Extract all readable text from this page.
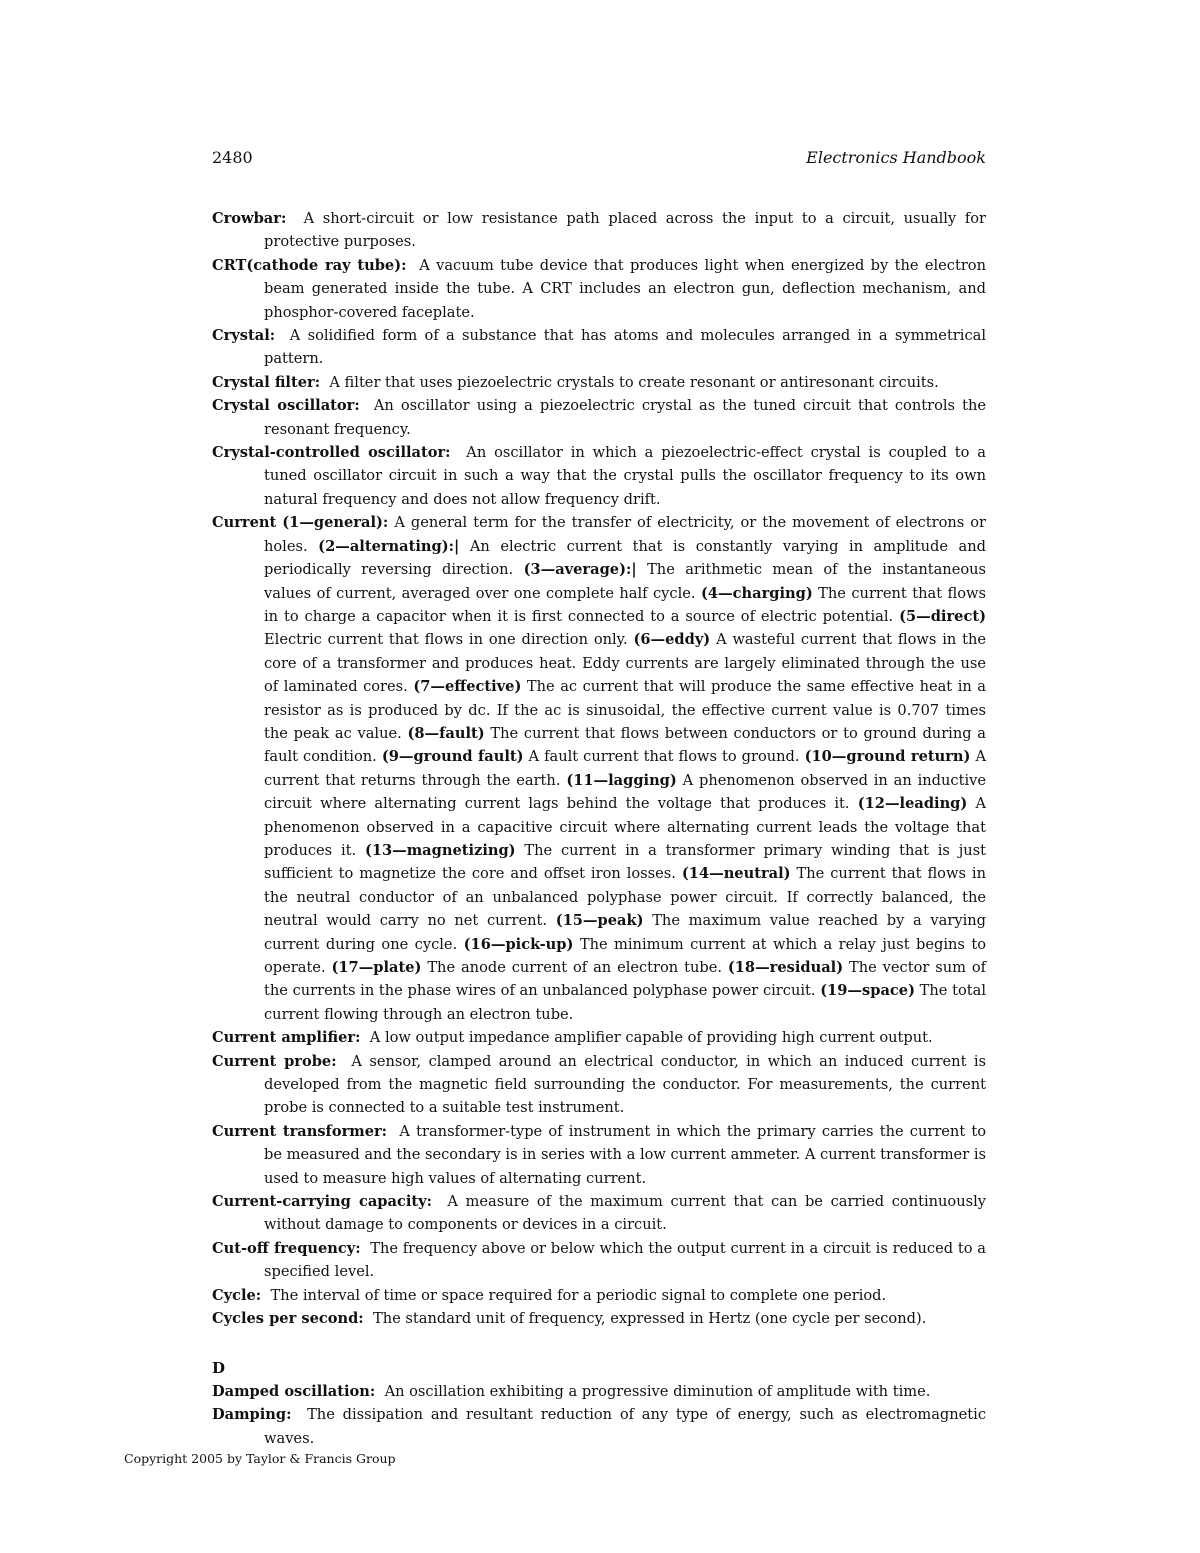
2480	Electronics Handbook

Crowbar: A short-circuit or low resistance path placed across the input to a circuit, usually for protective purposes.

CRT(cathode ray tube): A vacuum tube device that produces light when energized by the electron beam generated inside the tube. A CRT includes an electron gun, deflection mechanism, and phosphor-covered faceplate.

Crystal: A solidified form of a substance that has atoms and molecules arranged in a symmetrical pattern.

Crystal filter: A filter that uses piezoelectric crystals to create resonant or antiresonant circuits.

Crystal oscillator: An oscillator using a piezoelectric crystal as the tuned circuit that controls the resonant frequency.

Crystal-controlled oscillator: An oscillator in which a piezoelectric-effect crystal is coupled to a tuned oscillator circuit in such a way that the crystal pulls the oscillator frequency to its own natural frequency and does not allow frequency drift.

Current (1—general): A general term for the transfer of electricity, or the movement of electrons or holes. (2—alternating):| An electric current that is constantly varying in amplitude and periodically reversing direction. (3—average):| The arithmetic mean of the instantaneous values of current, averaged over one complete half cycle. (4—charging) The current that flows in to charge a capacitor when it is first connected to a source of electric potential. (5—direct) Electric current that flows in one direction only. (6—eddy) A wasteful current that flows in the core of a transformer and produces heat. Eddy currents are largely eliminated through the use of laminated cores. (7—effective) The ac current that will produce the same effective heat in a resistor as is produced by dc. If the ac is sinusoidal, the effective current value is 0.707 times the peak ac value. (8—fault) The current that flows between conductors or to ground during a fault condition. (9—ground fault) A fault current that flows to ground. (10—ground return) A current that returns through the earth. (11—lagging) A phenomenon observed in an inductive circuit where alternating current lags behind the voltage that produces it. (12—leading) A phenomenon observed in a capacitive circuit where alternating current leads the voltage that produces it. (13—magnetizing) The current in a transformer primary winding that is just sufficient to magnetize the core and offset iron losses. (14—neutral) The current that flows in the neutral conductor of an unbalanced polyphase power circuit. If correctly balanced, the neutral would carry no net current. (15—peak) The maximum value reached by a varying current during one cycle. (16—pick-up) The minimum current at which a relay just begins to operate. (17—plate) The anode current of an electron tube. (18—residual) The vector sum of the currents in the phase wires of an unbalanced polyphase power circuit. (19—space) The total current flowing through an electron tube.

Current amplifier: A low output impedance amplifier capable of providing high current output.

Current probe: A sensor, clamped around an electrical conductor, in which an induced current is developed from the magnetic field surrounding the conductor. For measurements, the current probe is connected to a suitable test instrument.

Current transformer: A transformer-type of instrument in which the primary carries the current to be measured and the secondary is in series with a low current ammeter. A current transformer is used to measure high values of alternating current.

Current-carrying capacity: A measure of the maximum current that can be carried continuously without damage to components or devices in a circuit.

Cut-off frequency: The frequency above or below which the output current in a circuit is reduced to a specified level.

Cycle: The interval of time or space required for a periodic signal to complete one period.

Cycles per second: The standard unit of frequency, expressed in Hertz (one cycle per second).

D

Damped oscillation: An oscillation exhibiting a progressive diminution of amplitude with time.

Damping: The dissipation and resultant reduction of any type of energy, such as electromagnetic waves.

Copyright 2005 by Taylor & Francis Group
